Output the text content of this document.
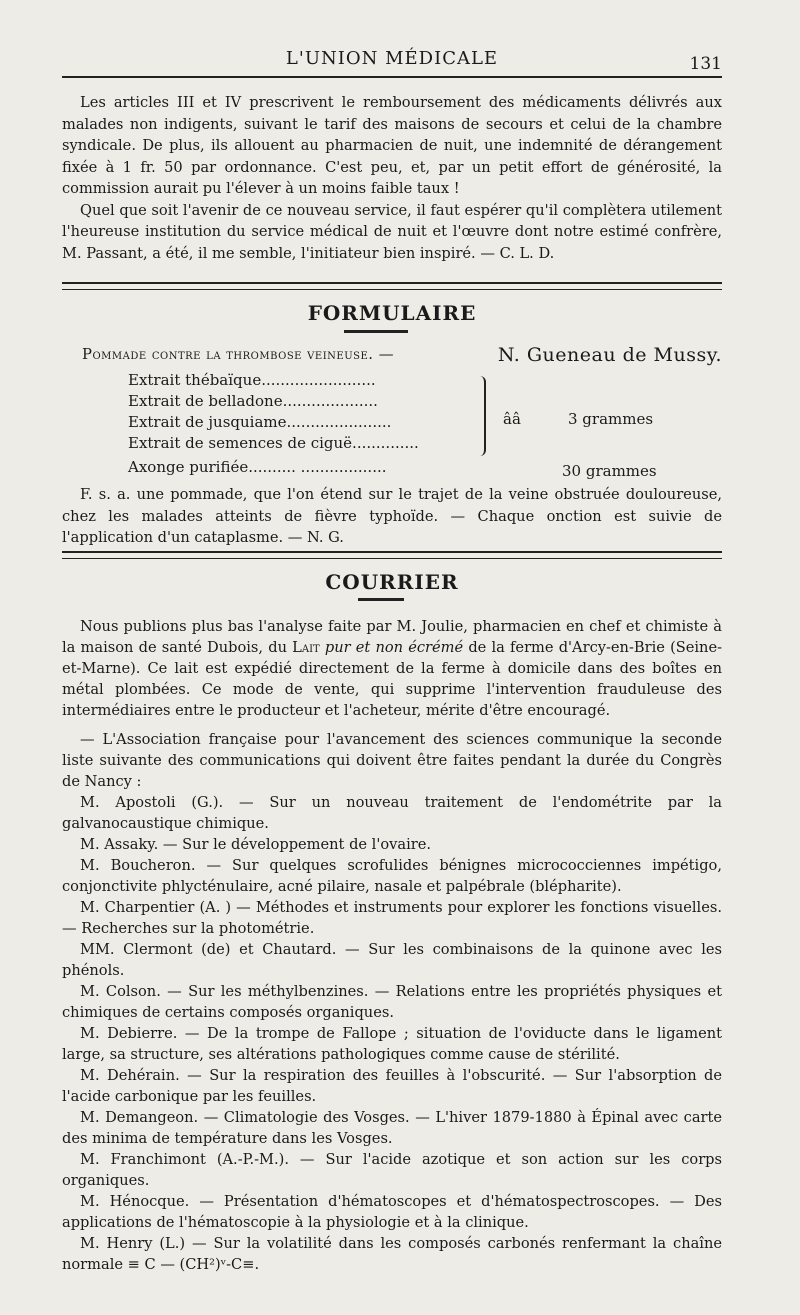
L'UNION MÉDICALE	131

Les articles III et IV prescrivent le remboursement des médicaments délivrés aux malades non indigents, suivant le tarif des maisons de secours et celui de la chambre syndicale. De plus, ils allouent au pharmacien de nuit, une indemnité de dérangement fixée à 1 fr. 50 par ordonnance. C'est peu, et, par un petit effort de générosité, la commission aurait pu l'élever à un moins faible taux !

Quel que soit l'avenir de ce nouveau service, il faut espérer qu'il complètera utilement l'heureuse institution du service médical de nuit et l'œuvre dont notre estimé confrère, M. Passant, a été, il me semble, l'initiateur bien inspiré. — C. L. D.

FORMULAIRE
Pommade contre la thrombose veineuse. —	N. Gueneau de Mussy.
Extrait thébaïque........................
Extrait de belladone....................
Extrait de jusquiame......................
Extrait de semences de ciguë..............
ââ	3 grammes
Axonge purifiée.......... ..................	30 grammes

F. s. a. une pommade, que l'on étend sur le trajet de la veine obstruée douloureuse, chez les malades atteints de fièvre typhoïde. — Chaque onction est suivie de l'application d'un cataplasme. — N. G.

COURRIER

Nous publions plus bas l'analyse faite par M. Joulie, pharmacien en chef et chimiste à la maison de santé Dubois, du Lait pur et non écrémé de la ferme d'Arcy-en-Brie (Seine-et-Marne). Ce lait est expédié directement de la ferme à domicile dans des boîtes en métal plombées. Ce mode de vente, qui supprime l'intervention frauduleuse des intermédiaires entre le producteur et l'acheteur, mérite d'être encouragé.

— L'Association française pour l'avancement des sciences communique la seconde liste suivante des communications qui doivent être faites pendant la durée du Congrès de Nancy :

M. Apostoli (G.). — Sur un nouveau traitement de l'endométrite par la galvanocaustique chimique.

M. Assaky. — Sur le développement de l'ovaire.

M. Boucheron. — Sur quelques scrofulides bénignes micrococciennes impétigo, conjonctivite phlycténulaire, acné pilaire, nasale et palpébrale (blépharite).

M. Charpentier (A. ) — Méthodes et instruments pour explorer les fonctions visuelles. — Recherches sur la photométrie.

MM. Clermont (de) et Chautard. — Sur les combinaisons de la quinone avec les phénols.

M. Colson. — Sur les méthylbenzines. — Relations entre les propriétés physiques et chimiques de certains composés organiques.

M. Debierre. — De la trompe de Fallope ; situation de l'oviducte dans le ligament large, sa structure, ses altérations pathologiques comme cause de stérilité.

M. Dehérain. — Sur la respiration des feuilles à l'obscurité. — Sur l'absorption de l'acide carbonique par les feuilles.

M. Demangeon. — Climatologie des Vosges. — L'hiver 1879-1880 à Épinal avec carte des minima de température dans les Vosges.

M. Franchimont (A.-P.-M.). — Sur l'acide azotique et son action sur les corps organiques.

M. Hénocque. — Présentation d'hématoscopes et d'hématospectroscopes. — Des applications de l'hématoscopie à la physiologie et à la clinique.

M. Henry (L.) — Sur la volatilité dans les composés carbonés renfermant la chaîne normale ≡ C — (CH²)ᵛ-C≡.
